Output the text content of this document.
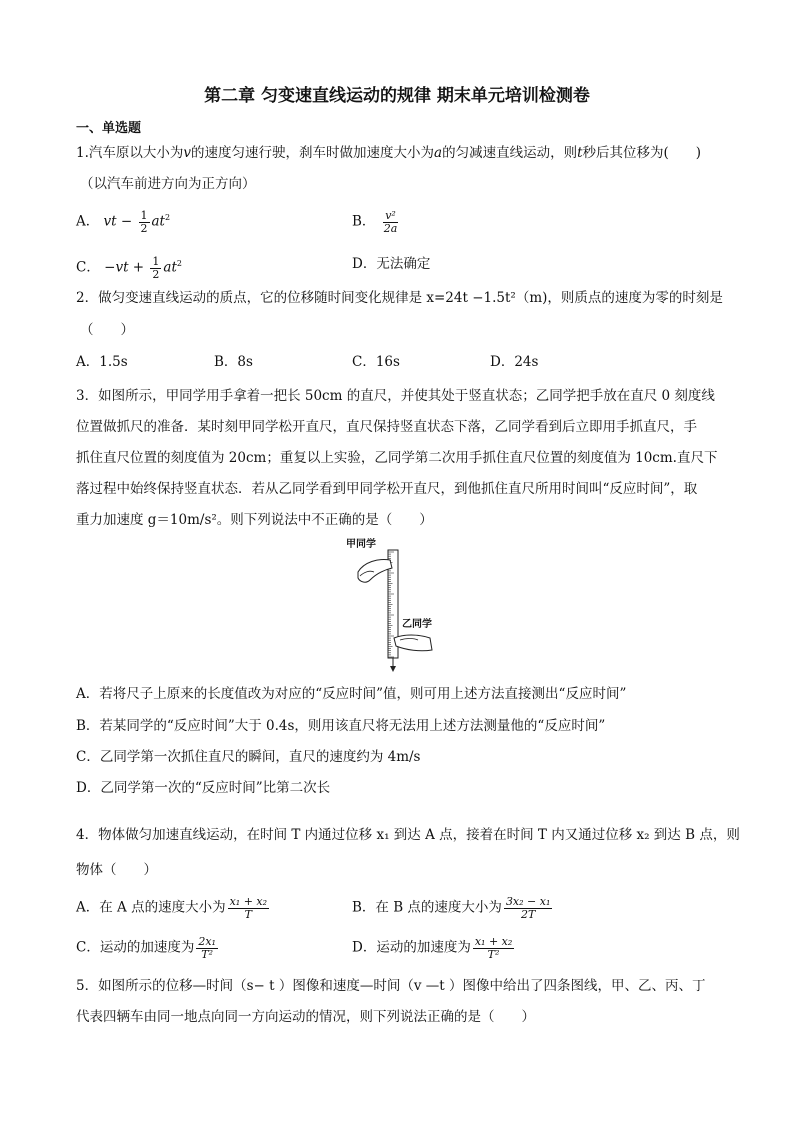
第二章 匀变速直线运动的规律 期末单元培训检测卷
一、单选题
1.汽车原以大小为v的速度匀速行驶，刹车时做加速度大小为a的匀减速直线运动，则t秒后其位移为(　　)
（以汽车前进方向为正方向）
A． vt − $\frac{1}{2} at^2$	B． $\frac{\text{v²}}{2a}$
C． $-vt + \frac{1}{2} at^2$	D．无法确定
2．做匀变速直线运动的质点，它的位移随时间变化规律是 x=24t −1.5t²（m)，则质点的速度为零的时刻是
（　　）
A．1.5s	B．8s	C．16s	D．24s
3．如图所示，甲同学用手拿着一把长 50cm 的直尺，并使其处于竖直状态；乙同学把手放在直尺 0 刻度线
位置做抓尺的准备．某时刻甲同学松开直尺，直尺保持竖直状态下落，乙同学看到后立即用手抓直尺，手
抓住直尺位置的刻度值为 20cm；重复以上实验，乙同学第二次用手抓住直尺位置的刻度值为 10cm.直尺下
落过程中始终保持竖直状态．若从乙同学看到甲同学松开直尺，到他抓住直尺所用时间叫“反应时间”，取
重力加速度 g＝10m/s²。则下列说法中不正确的是（　　）
甲同学
乙同学
A．若将尺子上原来的长度值改为对应的“反应时间”值，则可用上述方法直接测出“反应时间”
B．若某同学的“反应时间”大于 0.4s，则用该直尺将无法用上述方法测量他的“反应时间”
C．乙同学第一次抓住直尺的瞬间，直尺的速度约为 4m/s
D．乙同学第一次的“反应时间”比第二次长
4．物体做匀加速直线运动，在时间 T 内通过位移 x₁ 到达 A 点，接着在时间 T 内又通过位移 x₂ 到达 B 点，则
物体（　　）
A．在 A 点的速度大小为 $\frac{\text{x₁ + x₂}}{T}$	B．在 B 点的速度大小为 $\frac{\text{3x₂ − x₁}}{2T}$
C．运动的加速度为 $\frac{\text{2x₁}}{\text{T²}}$	D．运动的加速度为 $\frac{\text{x₁ + x₂}}{\text{T²}}$
5．如图所示的位移—时间（s− t ）图像和速度—时间（v —t ）图像中给出了四条图线，甲、乙、丙、丁
代表四辆车由同一地点向同一方向运动的情况，则下列说法正确的是（　　）
